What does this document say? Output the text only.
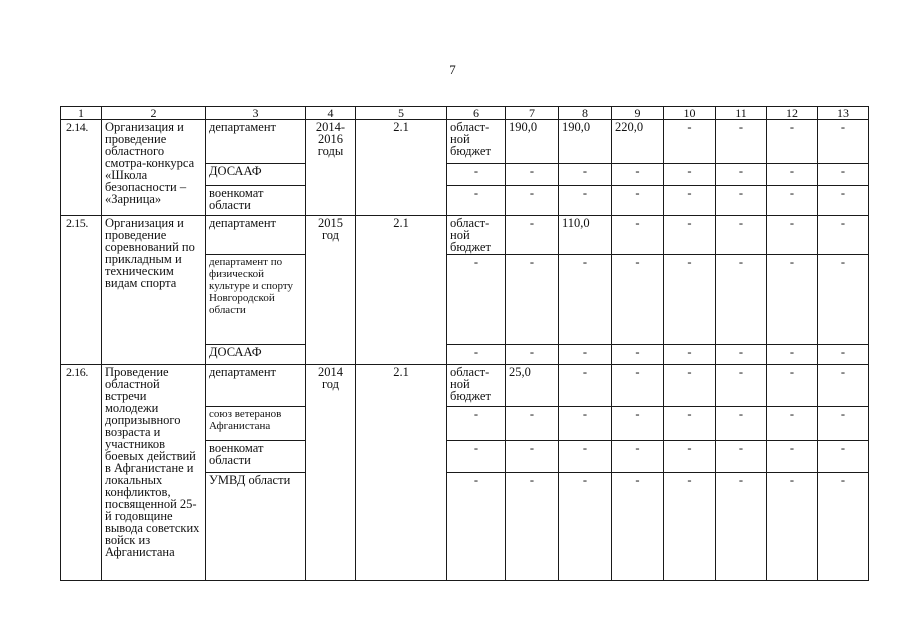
7
1	2	3	4	5	6	7	8	9	10	11	12	13
2.14.	Организация и проведение областного смотра-конкурса «Школа безопасности – «Зарница»	департамент	2014-2016 годы	2.1	област-ной бюджет	190,0	190,0	220,0	-	-	-	-
		ДОСААФ			-	-	-	-	-	-	-	-
		военкомат области			-	-	-	-	-	-	-	-
2.15.	Организация и проведение соревнований по прикладным и техническим видам спорта	департамент	2015 год	2.1	област-ной бюджет	-	110,0	-	-	-	-	-
		департамент по физической культуре и спорту Новгородской области			-	-	-	-	-	-	-	-
		ДОСААФ			-	-	-	-	-	-	-	-
2.16.	Проведение областной встречи молодежи допризывного возраста и участников боевых действий в Афганистане и локальных конфликтов, посвященной 25-й годовщине вывода советских войск из Афганистана	департамент	2014 год	2.1	област-ной бюджет	25,0	-	-	-	-	-	-
		союз ветеранов Афганистана			-	-	-	-	-	-	-	-
		военкомат области			-	-	-	-	-	-	-	-
		УМВД области			-	-	-	-	-	-	-	-
